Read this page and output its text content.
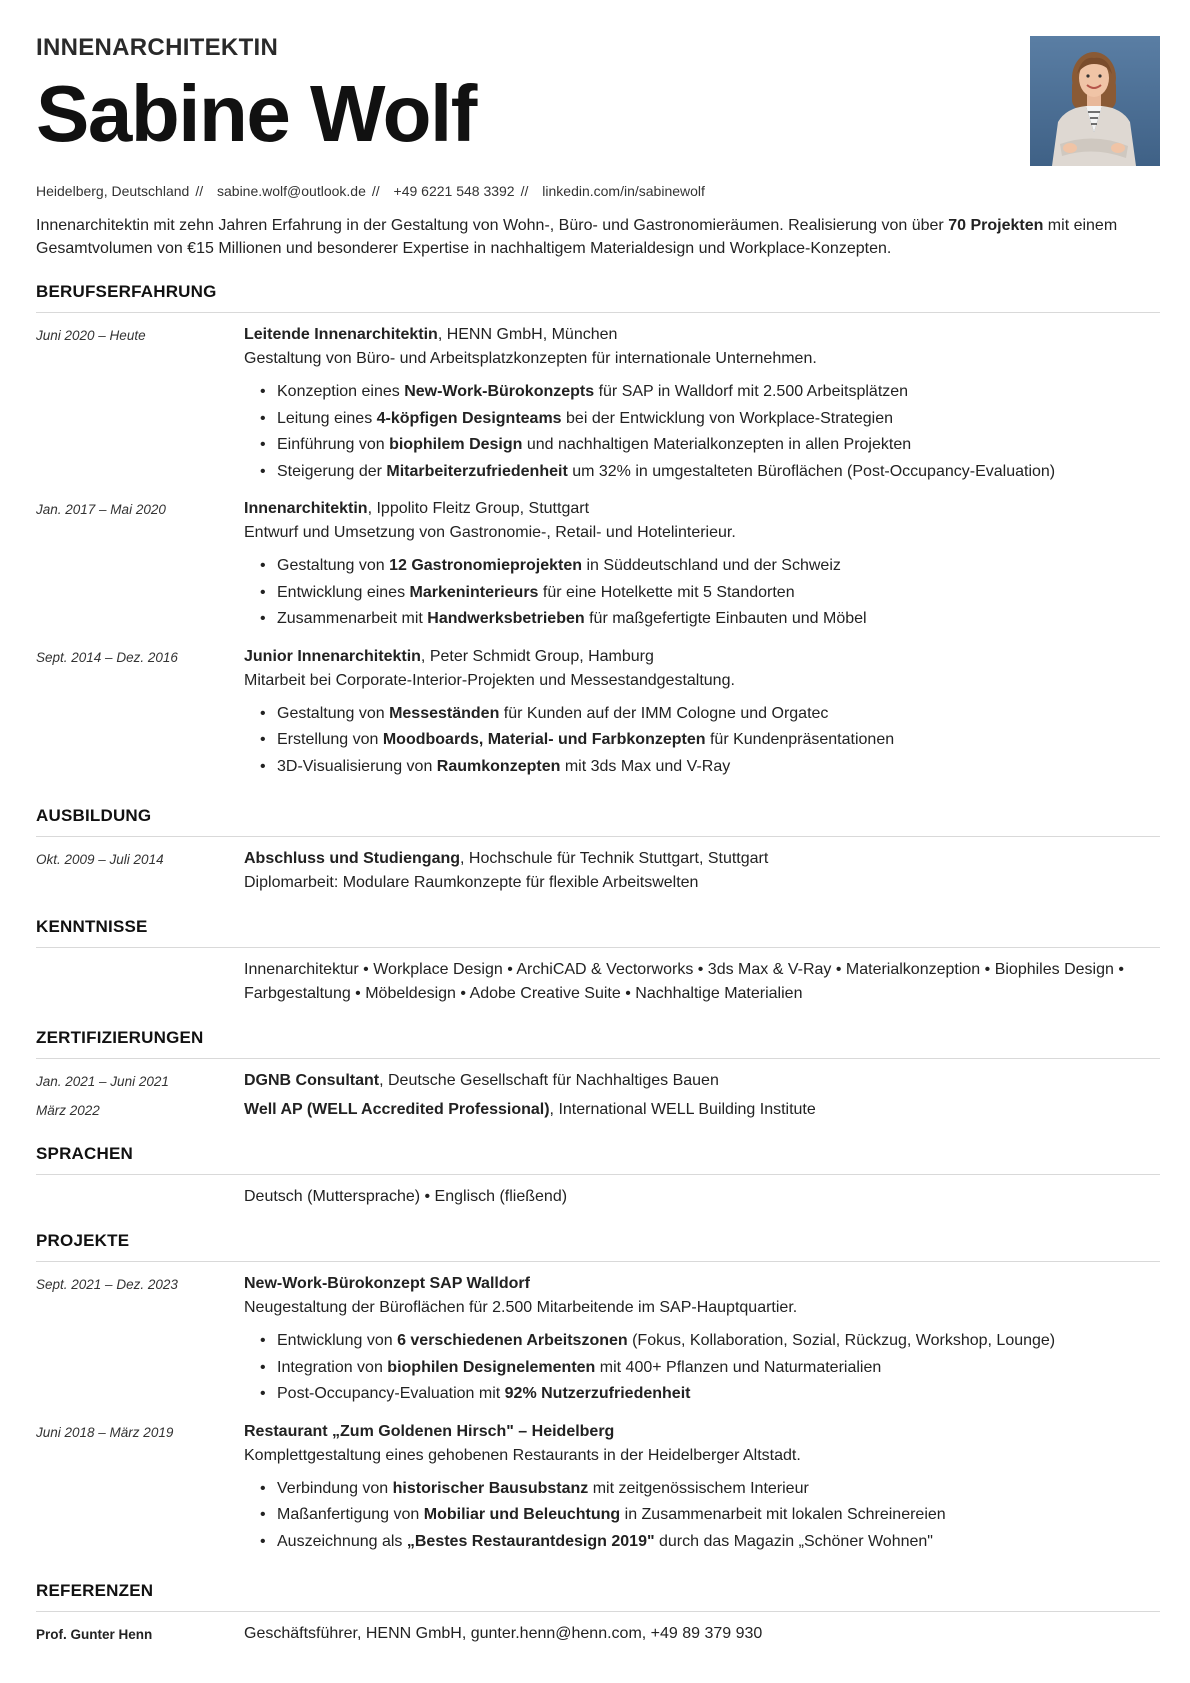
INNENARCHITEKTIN
Sabine Wolf
Heidelberg, Deutschland // sabine.wolf@outlook.de // +49 6221 548 3392 // linkedin.com/in/sabinewolf
Innenarchitektin mit zehn Jahren Erfahrung in der Gestaltung von Wohn-, Büro- und Gastronomieräumen. Realisierung von über 70 Projekten mit einem Gesamtvolumen von €15 Millionen und besonderer Expertise in nachhaltigem Materialdesign und Workplace-Konzepten.
BERUFSERFAHRUNG
Juni 2020 – Heute	Leitende Innenarchitektin, HENN GmbH, München
Gestaltung von Büro- und Arbeitsplatzkonzepten für internationale Unternehmen.
• Konzeption eines New-Work-Bürokonzepts für SAP in Walldorf mit 2.500 Arbeitsplätzen
• Leitung eines 4-köpfigen Designteams bei der Entwicklung von Workplace-Strategien
• Einführung von biophilem Design und nachhaltigen Materialkonzepten in allen Projekten
• Steigerung der Mitarbeiterzufriedenheit um 32% in umgestalteten Büroflächen (Post-Occupancy-Evaluation)
Jan. 2017 – Mai 2020	Innenarchitektin, Ippolito Fleitz Group, Stuttgart
Entwurf und Umsetzung von Gastronomie-, Retail- und Hotelinterieur.
• Gestaltung von 12 Gastronomieprojekten in Süddeutschland und der Schweiz
• Entwicklung eines Markeninterieurs für eine Hotelkette mit 5 Standorten
• Zusammenarbeit mit Handwerksbetrieben für maßgefertigte Einbauten und Möbel
Sept. 2014 – Dez. 2016	Junior Innenarchitektin, Peter Schmidt Group, Hamburg
Mitarbeit bei Corporate-Interior-Projekten und Messestandgestaltung.
• Gestaltung von Messeständen für Kunden auf der IMM Cologne und Orgatec
• Erstellung von Moodboards, Material- und Farbkonzepten für Kundenpräsentationen
• 3D-Visualisierung von Raumkonzepten mit 3ds Max und V-Ray
AUSBILDUNG
Okt. 2009 – Juli 2014	Abschluss und Studiengang, Hochschule für Technik Stuttgart, Stuttgart
Diplomarbeit: Modulare Raumkonzepte für flexible Arbeitswelten
KENNTNISSE
Innenarchitektur • Workplace Design • ArchiCAD & Vectorworks • 3ds Max & V-Ray • Materialkonzeption • Biophiles Design • Farbgestaltung • Möbeldesign • Adobe Creative Suite • Nachhaltige Materialien
ZERTIFIZIERUNGEN
Jan. 2021 – Juni 2021	DGNB Consultant, Deutsche Gesellschaft für Nachhaltiges Bauen
März 2022	Well AP (WELL Accredited Professional), International WELL Building Institute
SPRACHEN
Deutsch (Muttersprache) • Englisch (fließend)
PROJEKTE
Sept. 2021 – Dez. 2023	New-Work-Bürokonzept SAP Walldorf
Neugestaltung der Büroflächen für 2.500 Mitarbeitende im SAP-Hauptquartier.
• Entwicklung von 6 verschiedenen Arbeitszonen (Fokus, Kollaboration, Sozial, Rückzug, Workshop, Lounge)
• Integration von biophilen Designelementen mit 400+ Pflanzen und Naturmaterialien
• Post-Occupancy-Evaluation mit 92% Nutzerzufriedenheit
Juni 2018 – März 2019	Restaurant „Zum Goldenen Hirsch" – Heidelberg
Komplettgestaltung eines gehobenen Restaurants in der Heidelberger Altstadt.
• Verbindung von historischer Bausubstanz mit zeitgenössischem Interieur
• Maßanfertigung von Mobiliar und Beleuchtung in Zusammenarbeit mit lokalen Schreinereien
• Auszeichnung als „Bestes Restaurantdesign 2019" durch das Magazin „Schöner Wohnen"
REFERENZEN
Prof. Gunter Henn	Geschäftsführer, HENN GmbH, gunter.henn@henn.com, +49 89 379 930
